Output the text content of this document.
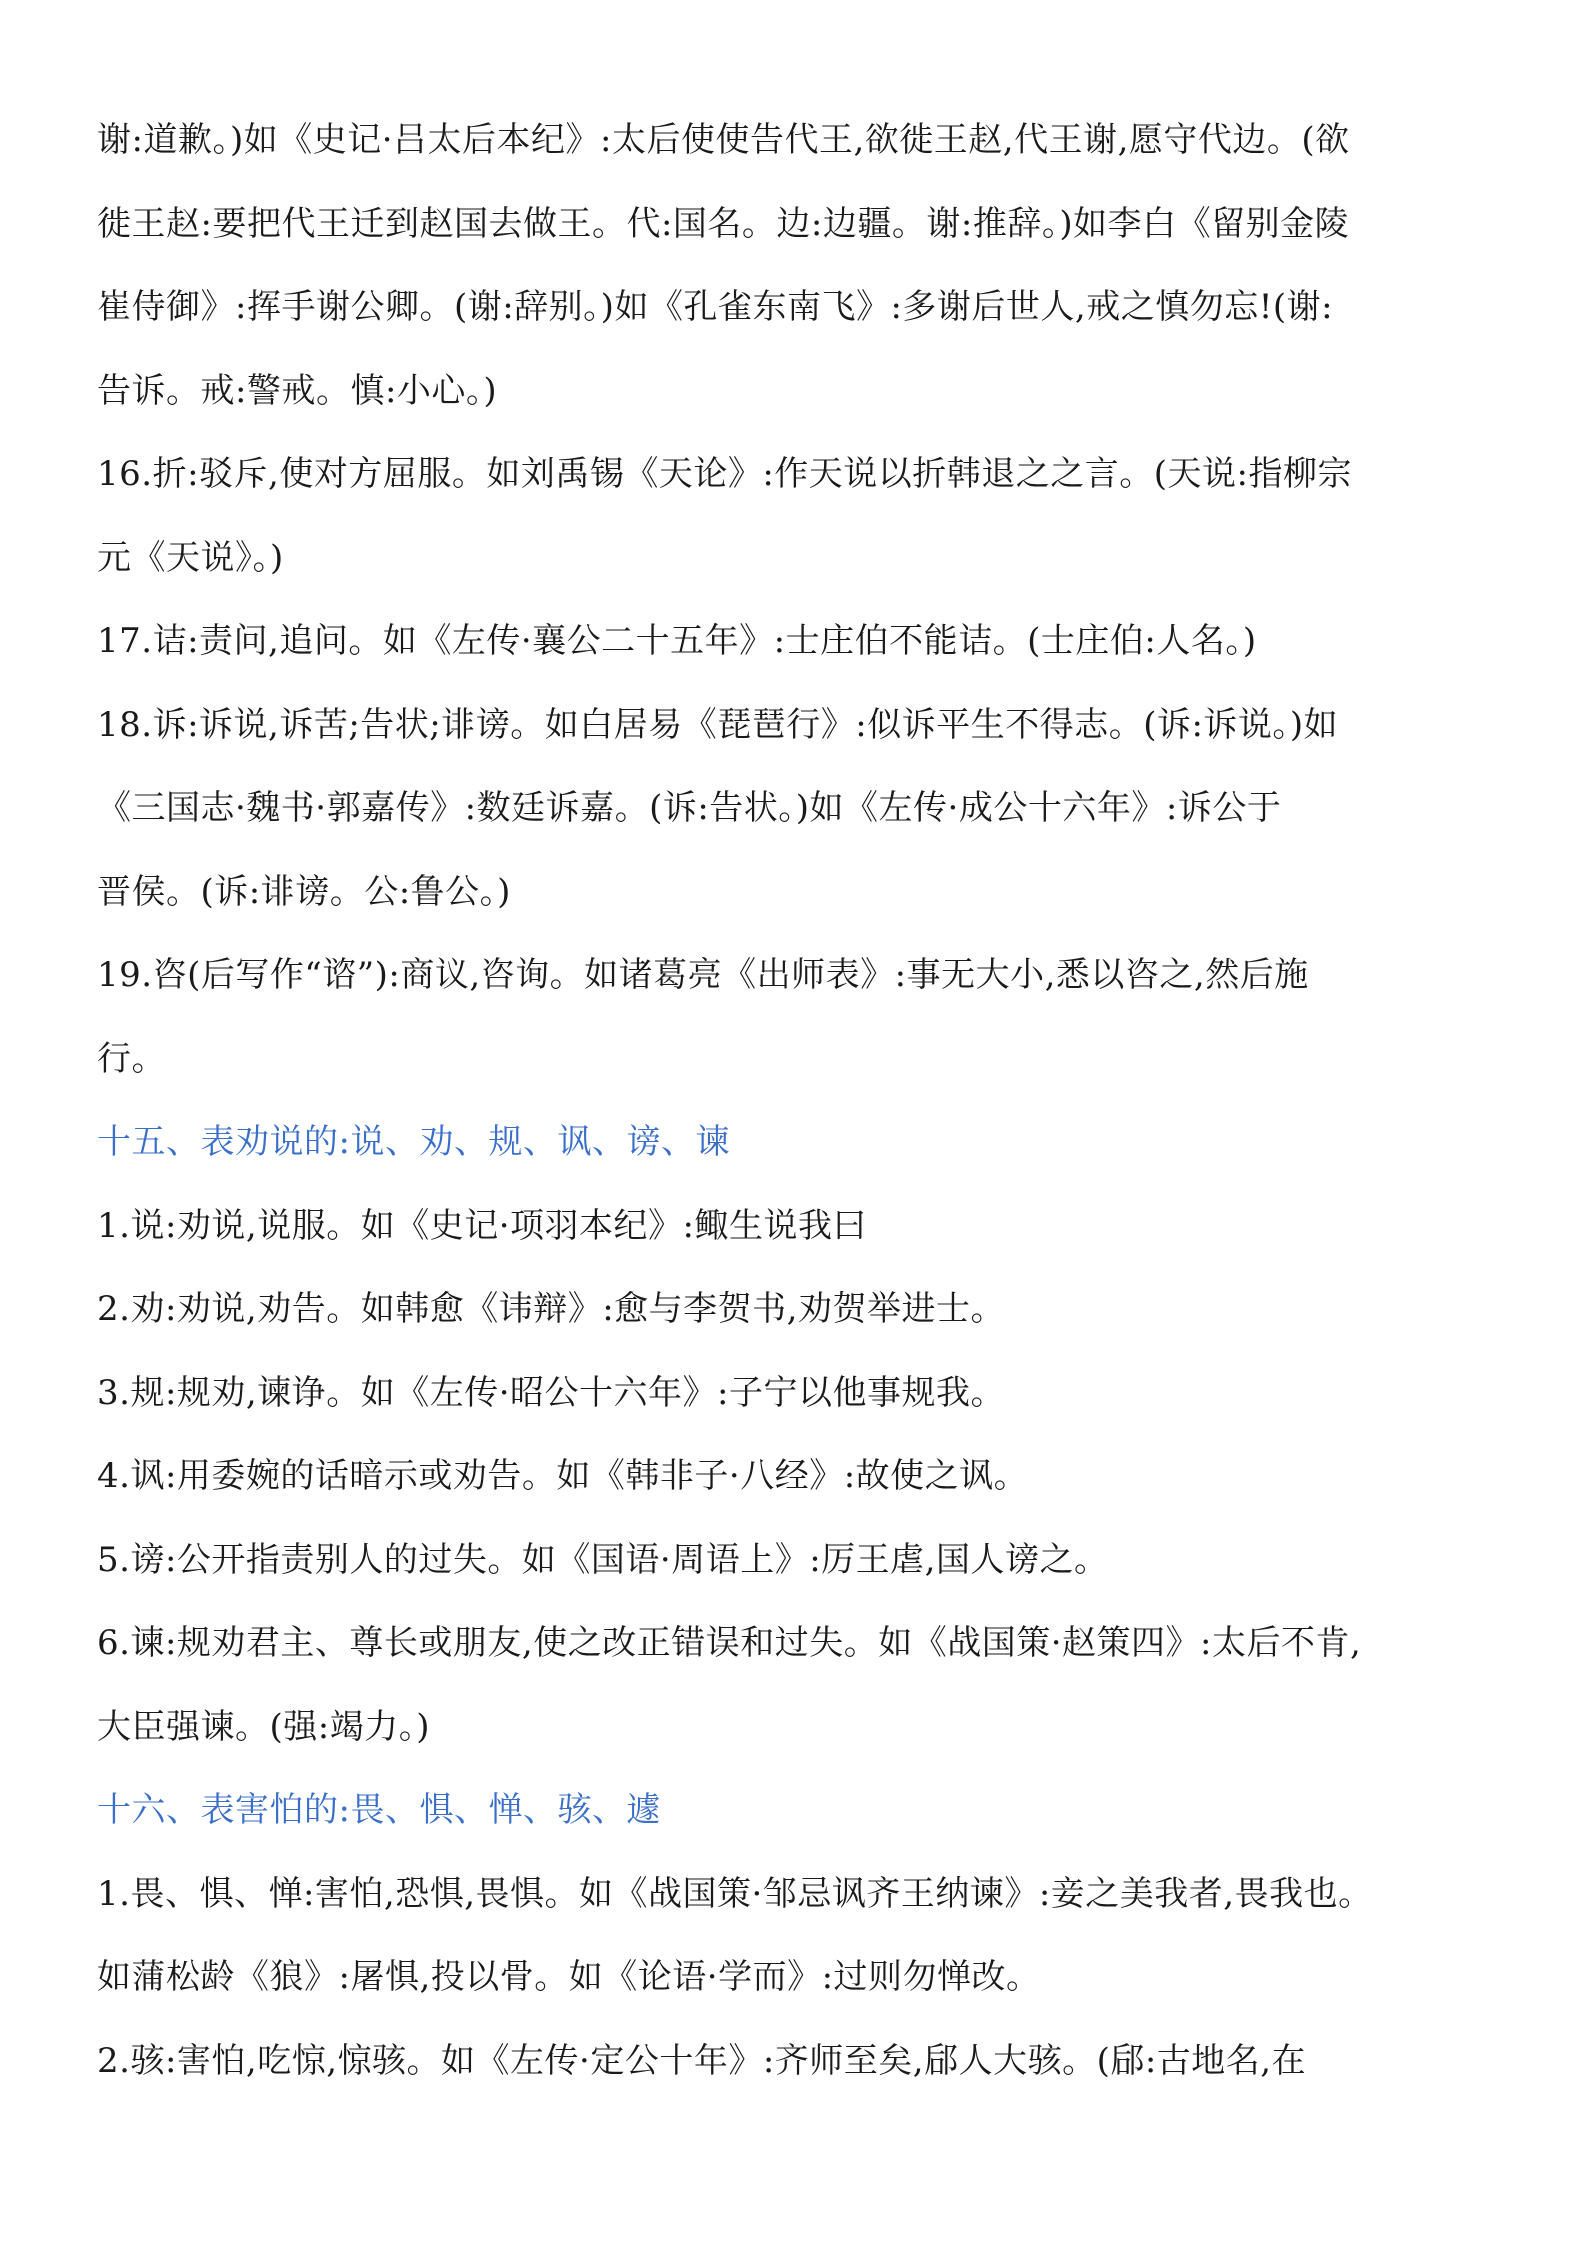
谢:道歉。)如《史记·吕太后本纪》:太后使使告代王,欲徙王赵,代王谢,愿守代边。(欲
徙王赵:要把代王迁到赵国去做王。代:国名。边:边疆。谢:推辞。)如李白《留别金陵
崔侍御》:挥手谢公卿。(谢:辞别。)如《孔雀东南飞》:多谢后世人,戒之慎勿忘!(谢:
告诉。戒:警戒。慎:小心。)
16.折:驳斥,使对方屈服。如刘禹锡《天论》:作天说以折韩退之之言。(天说:指柳宗
元《天说》。)
17.诘:责问,追问。如《左传·襄公二十五年》:士庄伯不能诘。(士庄伯:人名。)
18.诉:诉说,诉苦;告状;诽谤。如白居易《琵琶行》:似诉平生不得志。(诉:诉说。)如
《三国志·魏书·郭嘉传》:数廷诉嘉。(诉:告状。)如《左传·成公十六年》:诉公于
晋侯。(诉:诽谤。公:鲁公。)
19.咨(后写作“谘”):商议,咨询。如诸葛亮《出师表》:事无大小,悉以咨之,然后施
行。
十五、表劝说的:说、劝、规、讽、谤、谏
1.说:劝说,说服。如《史记·项羽本纪》:鲰生说我曰
2.劝:劝说,劝告。如韩愈《讳辩》:愈与李贺书,劝贺举进士。
3.规:规劝,谏诤。如《左传·昭公十六年》:子宁以他事规我。
4.讽:用委婉的话暗示或劝告。如《韩非子·八经》:故使之讽。
5.谤:公开指责别人的过失。如《国语·周语上》:厉王虐,国人谤之。
6.谏:规劝君主、尊长或朋友,使之改正错误和过失。如《战国策·赵策四》:太后不肯,
大臣强谏。(强:竭力。)
十六、表害怕的:畏、惧、惮、骇、遽
1.畏、惧、惮:害怕,恐惧,畏惧。如《战国策·邹忌讽齐王纳谏》:妾之美我者,畏我也。
如蒲松龄《狼》:屠惧,投以骨。如《论语·学而》:过则勿惮改。
2.骇:害怕,吃惊,惊骇。如《左传·定公十年》:齐师至矣,郈人大骇。(郈:古地名,在
